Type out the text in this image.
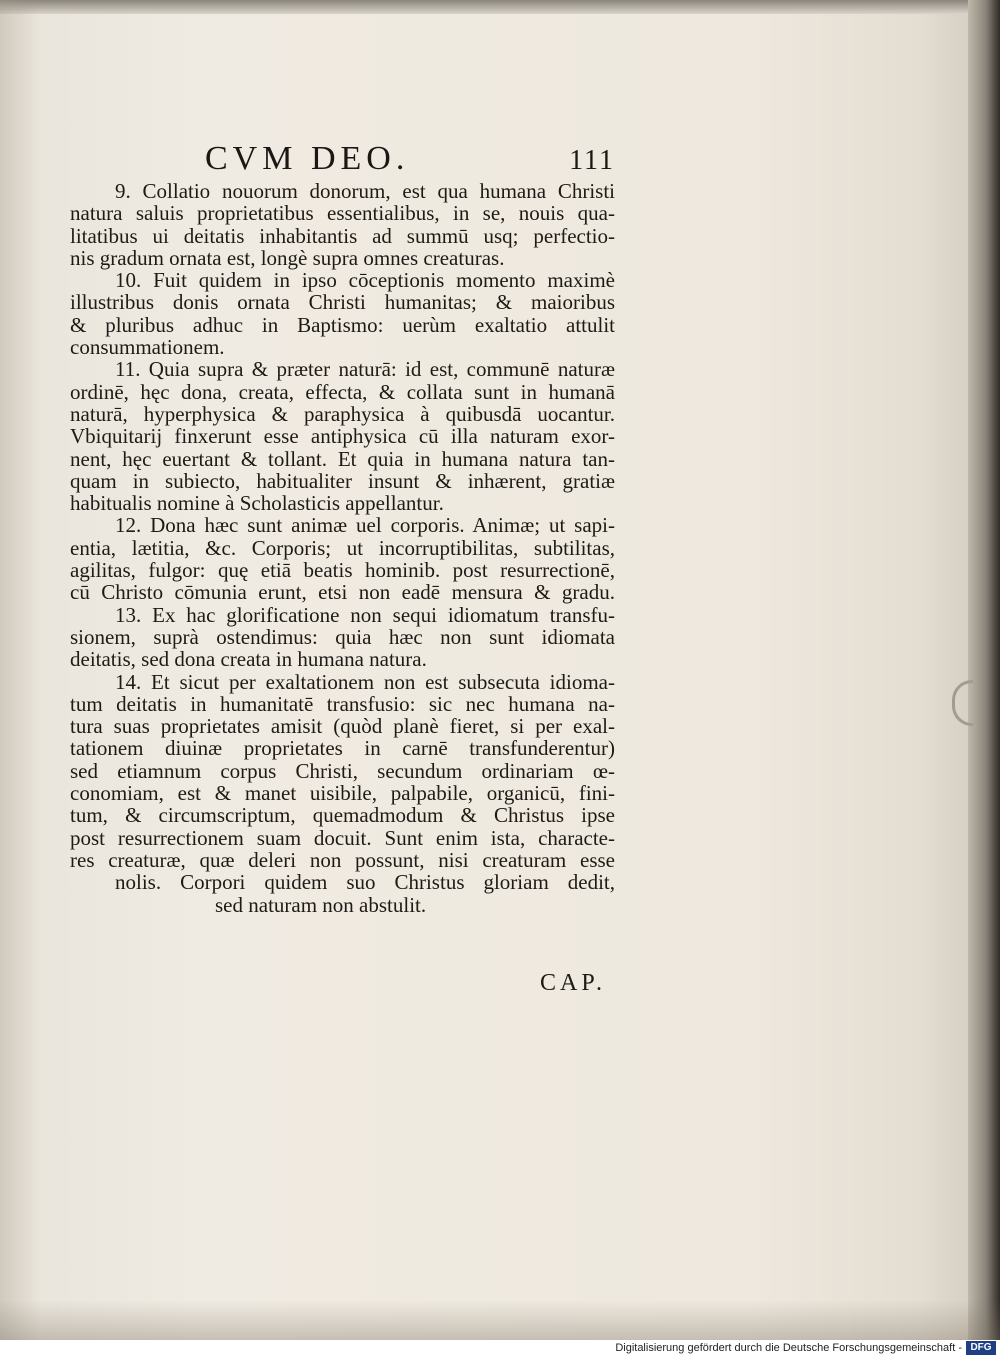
CVM DEO.	111
9. Collatio nouorum donorum, est qua humana Christi
natura saluis proprietatibus essentialibus, in se, nouis qua-
litatibus ui deitatis inhabitantis ad summū usq; perfectio-
nis gradum ornata est, longè supra omnes creaturas.
10. Fuit quidem in ipso cōceptionis momento maximè
illustribus donis ornata Christi humanitas; & maioribus
& pluribus adhuc in Baptismo: uerùm exaltatio attulit
consummationem.
11. Quia supra & præter naturā: id est, communē naturæ
ordinē, hęc dona, creata, effecta, & collata sunt in humanā
naturā, hyperphysica & paraphysica à quibusdā uocantur.
Vbiquitarij finxerunt esse antiphysica cū illa naturam exor-
nent, hęc euertant & tollant. Et quia in humana natura tan-
quam in subiecto, habitualiter insunt & inhærent, gratiæ
habitualis nomine à Scholasticis appellantur.
12. Dona hæc sunt animæ uel corporis. Animæ; ut sapi-
entia, lætitia, &c. Corporis; ut incorruptibilitas, subtilitas,
agilitas, fulgor: quę etiā beatis hominib. post resurrectionē,
cū Christo cōmunia erunt, etsi non eadē mensura & gradu.
13. Ex hac glorificatione non sequi idiomatum transfu-
sionem, suprà ostendimus: quia hæc non sunt idiomata
deitatis, sed dona creata in humana natura.
14. Et sicut per exaltationem non est subsecuta idioma-
tum deitatis in humanitatē transfusio: sic nec humana na-
tura suas proprietates amisit (quòd planè fieret, si per exal-
tationem diuinæ proprietates in carnē transfunderentur)
sed etiamnum corpus Christi, secundum ordinariam œ-
conomiam, est & manet uisibile, palpabile, organicū, fini-
tum, & circumscriptum, quemadmodum & Christus ipse
post resurrectionem suam docuit. Sunt enim ista, characte-
res creaturæ, quæ deleri non possunt, nisi creaturam esse
nolis. Corpori quidem suo Christus gloriam dedit,
sed naturam non abstulit.
CAP.
Digitalisierung gefördert durch die Deutsche Forschungsgemeinschaft - DFG
